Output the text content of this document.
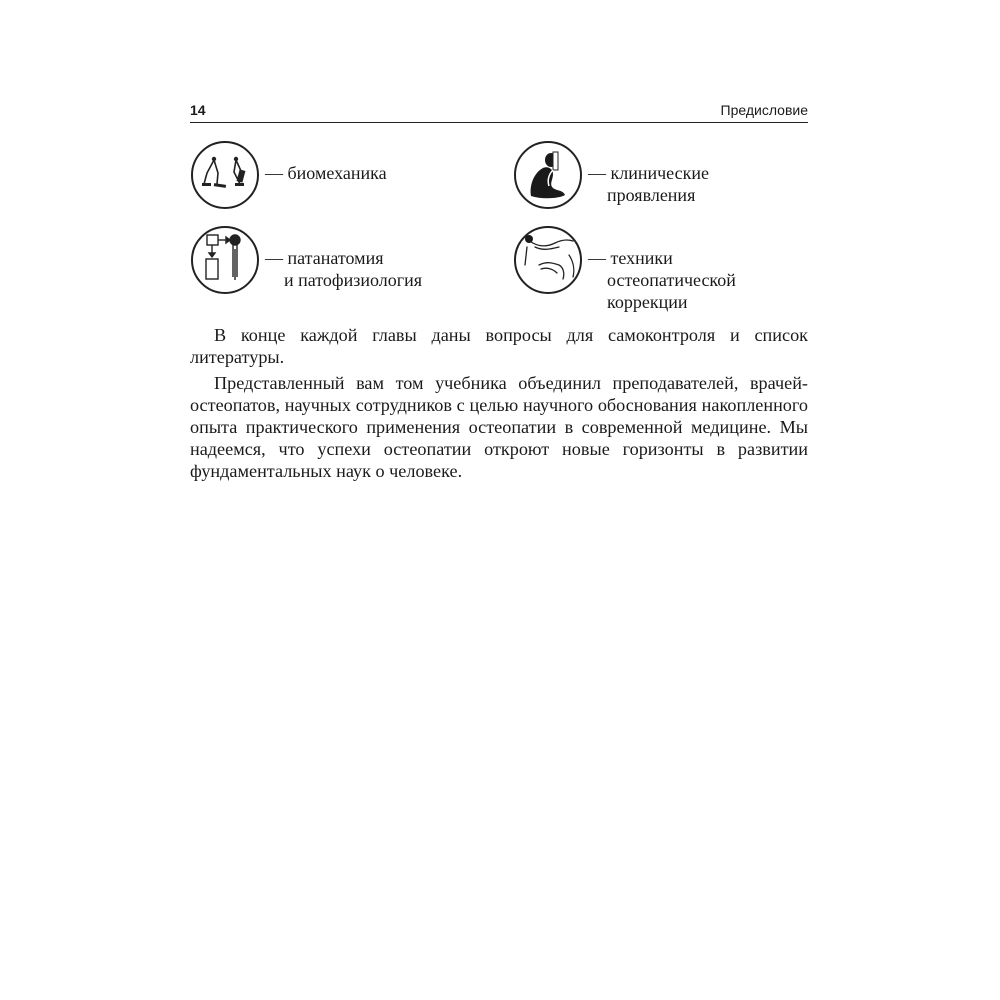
14	Предисловие
— биомеханика	— клинические
проявления
— патанатомия
и патофизиология
— техники
остеопатической
коррекции

В конце каждой главы даны вопросы для самоконтроля и список литературы.

Представленный вам том учебника объединил преподавателей, врачей-остеопатов, научных сотрудников с целью научного обоснования накопленного опыта практического применения остеопатии в современной медицине. Мы надеемся, что успехи остеопатии откроют новые горизонты в развитии фундаментальных наук о человеке.
